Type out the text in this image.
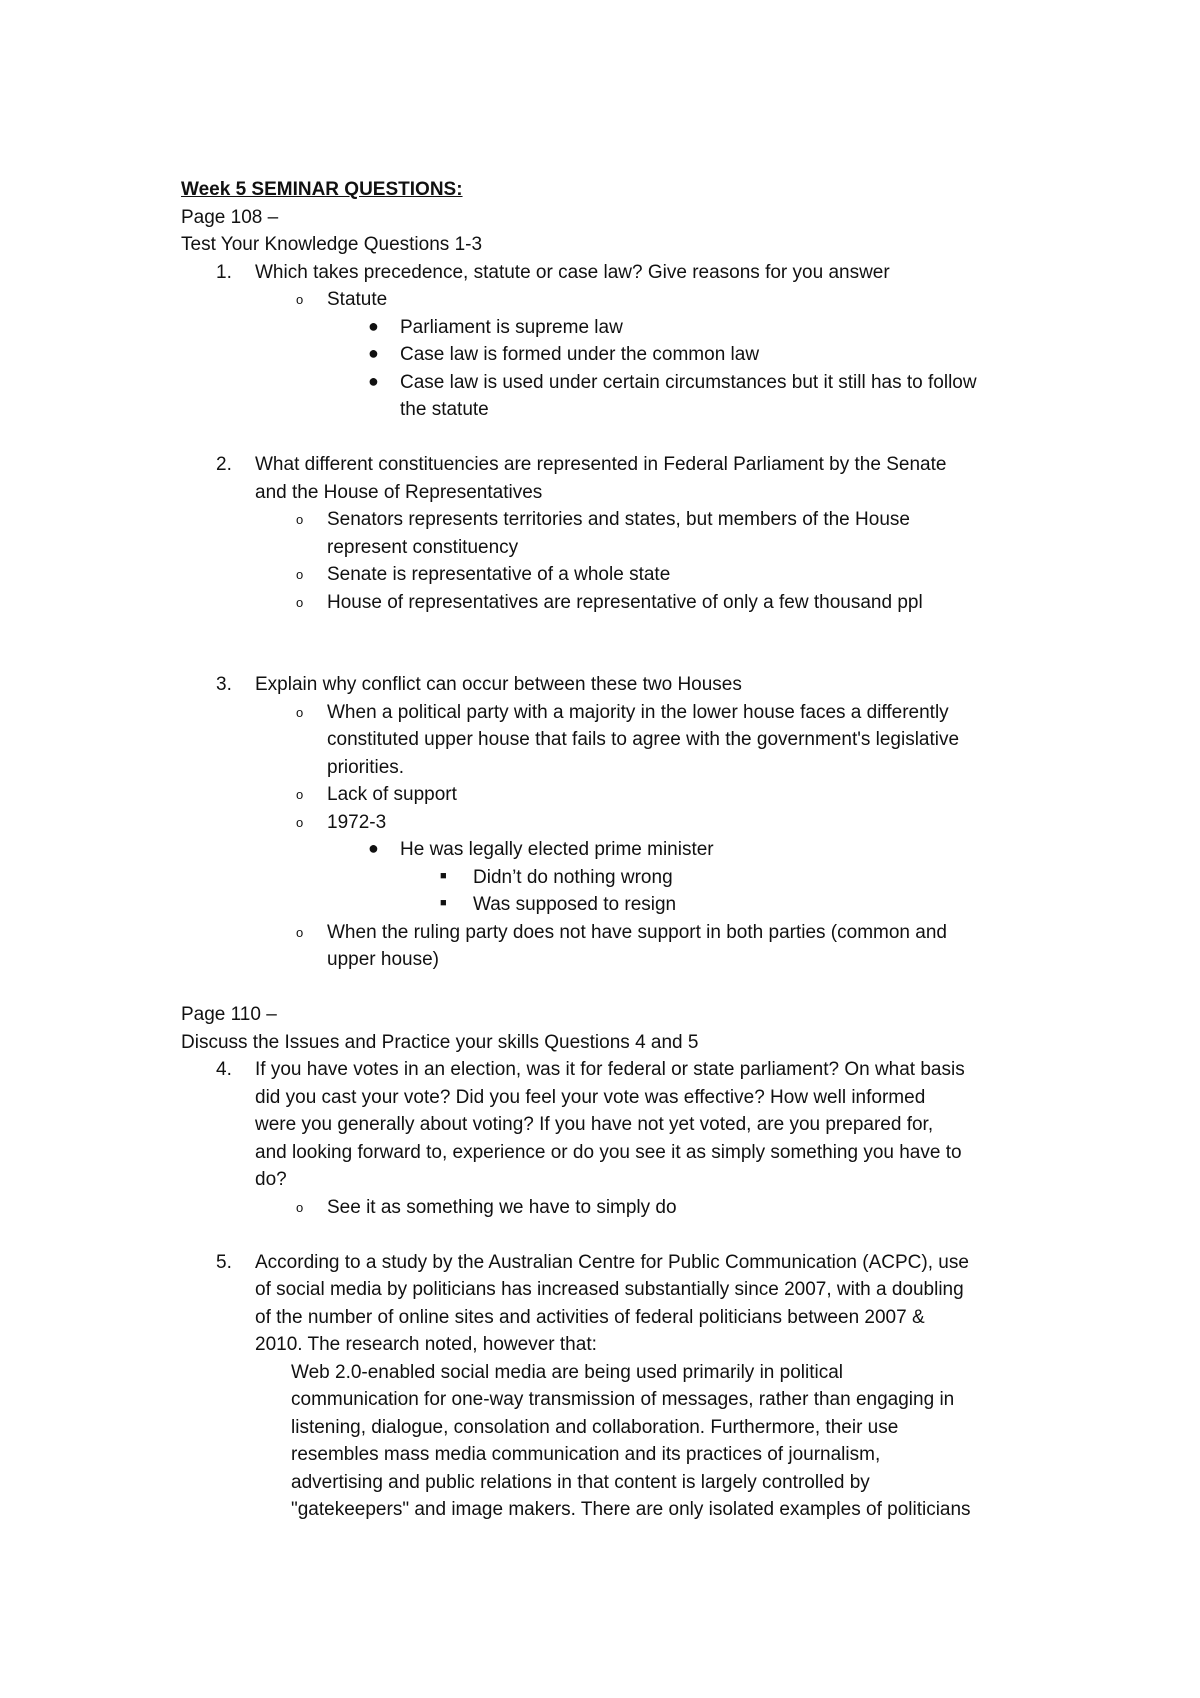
Week 5 SEMINAR QUESTIONS:
Page 108 –
Test Your Knowledge Questions 1-3
1. Which takes precedence, statute or case law? Give reasons for you answer
o Statute
● Parliament is supreme law
● Case law is formed under the common law
● Case law is used under certain circumstances but it still has to follow
the statute
2. What different constituencies are represented in Federal Parliament by the Senate
and the House of Representatives
o Senators represents territories and states, but members of the House
represent constituency
o Senate is representative of a whole state
o House of representatives are representative of only a few thousand ppl
3. Explain why conflict can occur between these two Houses
o When a political party with a majority in the lower house faces a differently
constituted upper house that fails to agree with the government's legislative
priorities.
o Lack of support
o 1972-3
● He was legally elected prime minister
■ Didn’t do nothing wrong
■ Was supposed to resign
o When the ruling party does not have support in both parties (common and
upper house)
Page 110 –
Discuss the Issues and Practice your skills Questions 4 and 5
4. If you have votes in an election, was it for federal or state parliament? On what basis
did you cast your vote? Did you feel your vote was effective? How well informed
were you generally about voting? If you have not yet voted, are you prepared for,
and looking forward to, experience or do you see it as simply something you have to
do?
o See it as something we have to simply do
5. According to a study by the Australian Centre for Public Communication (ACPC), use
of social media by politicians has increased substantially since 2007, with a doubling
of the number of online sites and activities of federal politicians between 2007 &
2010. The research noted, however that:
Web 2.0-enabled social media are being used primarily in political
communication for one-way transmission of messages, rather than engaging in
listening, dialogue, consolation and collaboration. Furthermore, their use
resembles mass media communication and its practices of journalism,
advertising and public relations in that content is largely controlled by
"gatekeepers" and image makers. There are only isolated examples of politicians
